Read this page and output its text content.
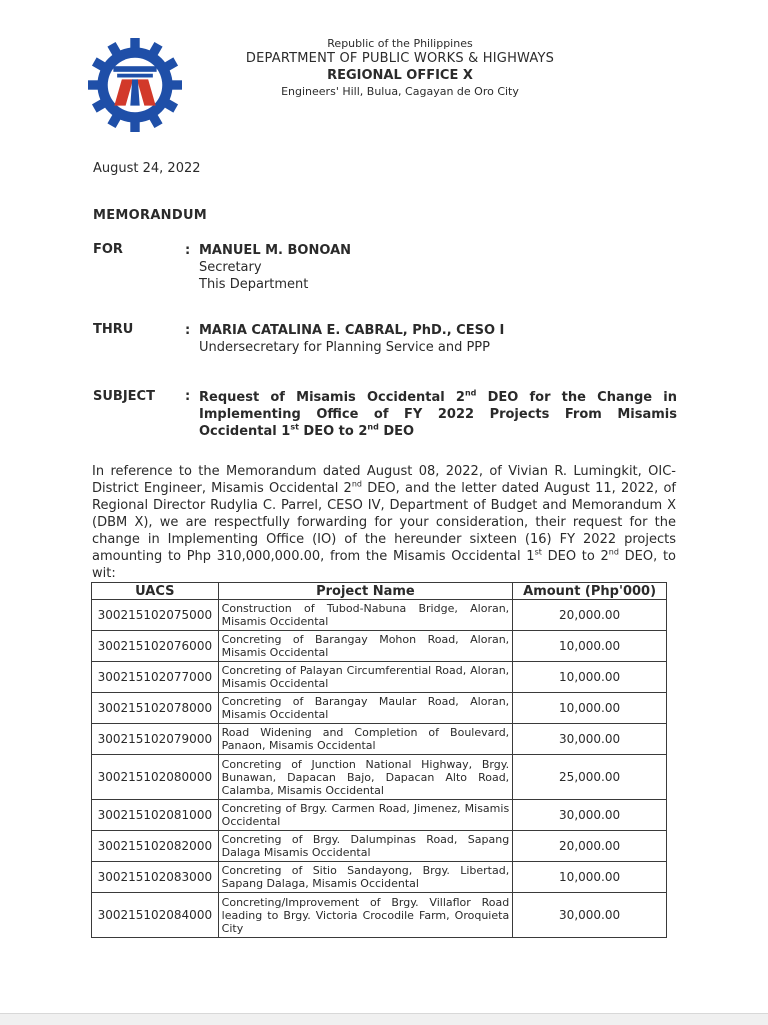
Republic of the Philippines
DEPARTMENT OF PUBLIC WORKS & HIGHWAYS
REGIONAL OFFICE X
Engineers' Hill, Bulua, Cagayan de Oro City
August 24, 2022
MEMORANDUM
FOR	: MANUEL M. BONOAN
Secretary
This Department
THRU	: MARIA CATALINA E. CABRAL, PhD., CESO I
Undersecretary for Planning Service and PPP
SUBJECT : Request of Misamis Occidental 2nd DEO for the Change in Implementing Office of FY 2022 Projects From Misamis Occidental 1st DEO to 2nd DEO
In reference to the Memorandum dated August 08, 2022, of Vivian R. Lumingkit, OIC-District Engineer, Misamis Occidental 2nd DEO, and the letter dated August 11, 2022, of Regional Director Rudylia C. Parrel, CESO IV, Department of Budget and Memorandum X (DBM X), we are respectfully forwarding for your consideration, their request for the change in Implementing Office (IO) of the hereunder sixteen (16) FY 2022 projects amounting to Php 310,000,000.00, from the Misamis Occidental 1st DEO to 2nd DEO, to wit:
UACS	Project Name	Amount (Php'000)
300215102075000	Construction of Tubod-Nabuna Bridge, Aloran, Misamis Occidental	20,000.00
300215102076000	Concreting of Barangay Mohon Road, Aloran, Misamis Occidental	10,000.00
300215102077000	Concreting of Palayan Circumferential Road, Aloran, Misamis Occidental	10,000.00
300215102078000	Concreting of Barangay Maular Road, Aloran, Misamis Occidental	10,000.00
300215102079000	Road Widening and Completion of Boulevard, Panaon, Misamis Occidental	30,000.00
300215102080000	Concreting of Junction National Highway, Brgy. Bunawan, Dapacan Bajo, Dapacan Alto Road, Calamba, Misamis Occidental	25,000.00
300215102081000	Concreting of Brgy. Carmen Road, Jimenez, Misamis Occidental	30,000.00
300215102082000	Concreting of Brgy. Dalumpinas Road, Sapang Dalaga Misamis Occidental	20,000.00
300215102083000	Concreting of Sitio Sandayong, Brgy. Libertad, Sapang Dalaga, Misamis Occidental	10,000.00
300215102084000	Concreting/Improvement of Brgy. Villaflor Road leading to Brgy. Victoria Crocodile Farm, Oroquieta City	30,000.00
